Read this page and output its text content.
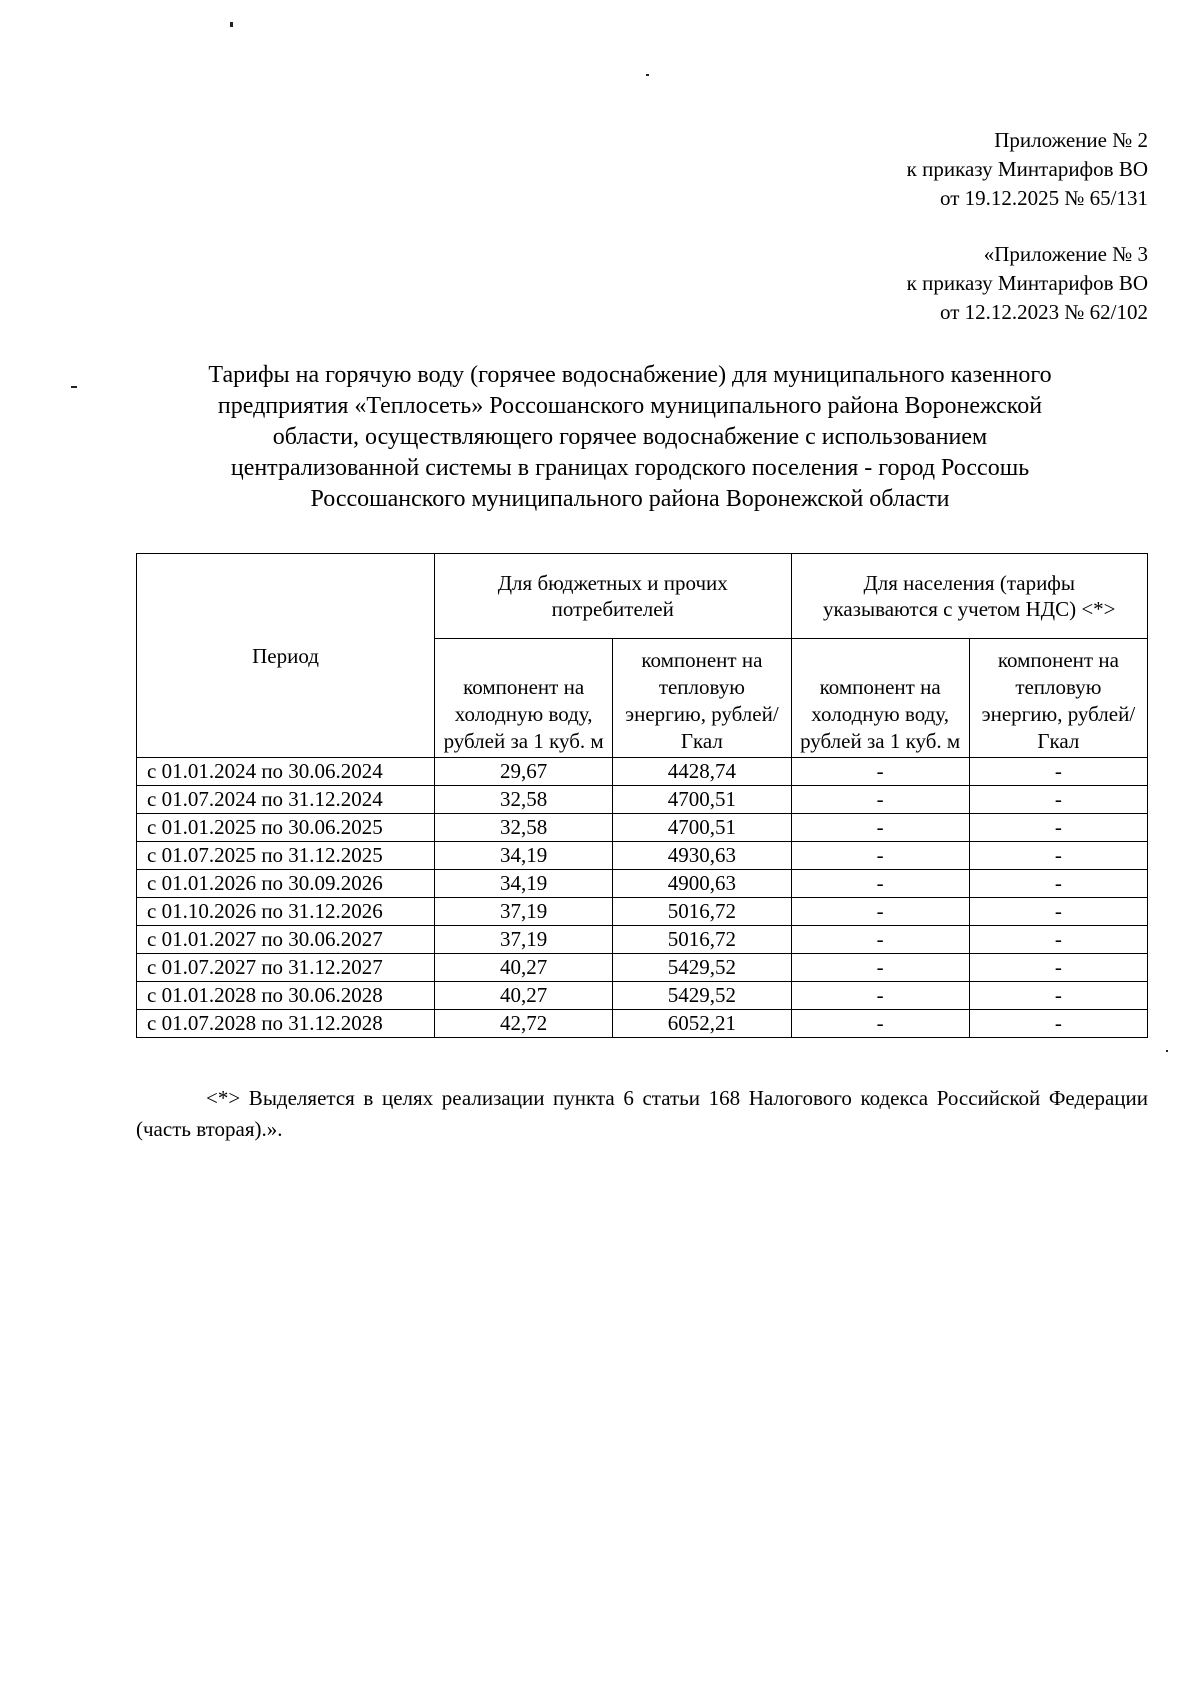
Приложение № 2
к приказу Минтарифов ВО
от 19.12.2025 № 65/131
«Приложение № 3
к приказу Минтарифов ВО
от 12.12.2023 № 62/102
Тарифы на горячую воду (горячее водоснабжение) для муниципального казенного
предприятия «Теплосеть» Россошанского муниципального района Воронежской
области, осуществляющего горячее водоснабжение с использованием
централизованной системы в границах городского поселения - город Россошь
Россошанского муниципального района Воронежской области
Период	Для бюджетных и прочих потребителей		Для населения (тарифы указываются с учетом НДС) <*>	
	компонент на холодную воду, рублей за 1 куб. м	компонент на тепловую энергию, рублей/Гкал	компонент на холодную воду, рублей за 1 куб. м	компонент на тепловую энергию, рублей/Гкал
с 01.01.2024 по 30.06.2024	29,67	4428,74	-	-
с 01.07.2024 по 31.12.2024	32,58	4700,51	-	-
с 01.01.2025 по 30.06.2025	32,58	4700,51	-	-
с 01.07.2025 по 31.12.2025	34,19	4930,63	-	-
с 01.01.2026 по 30.09.2026	34,19	4900,63	-	-
с 01.10.2026 по 31.12.2026	37,19	5016,72	-	-
с 01.01.2027 по 30.06.2027	37,19	5016,72	-	-
с 01.07.2027 по 31.12.2027	40,27	5429,52	-	-
с 01.01.2028 по 30.06.2028	40,27	5429,52	-	-
с 01.07.2028 по 31.12.2028	42,72	6052,21	-	-
<*> Выделяется в целях реализации пункта 6 статьи 168 Налогового кодекса Российской Федерации (часть вторая).».
